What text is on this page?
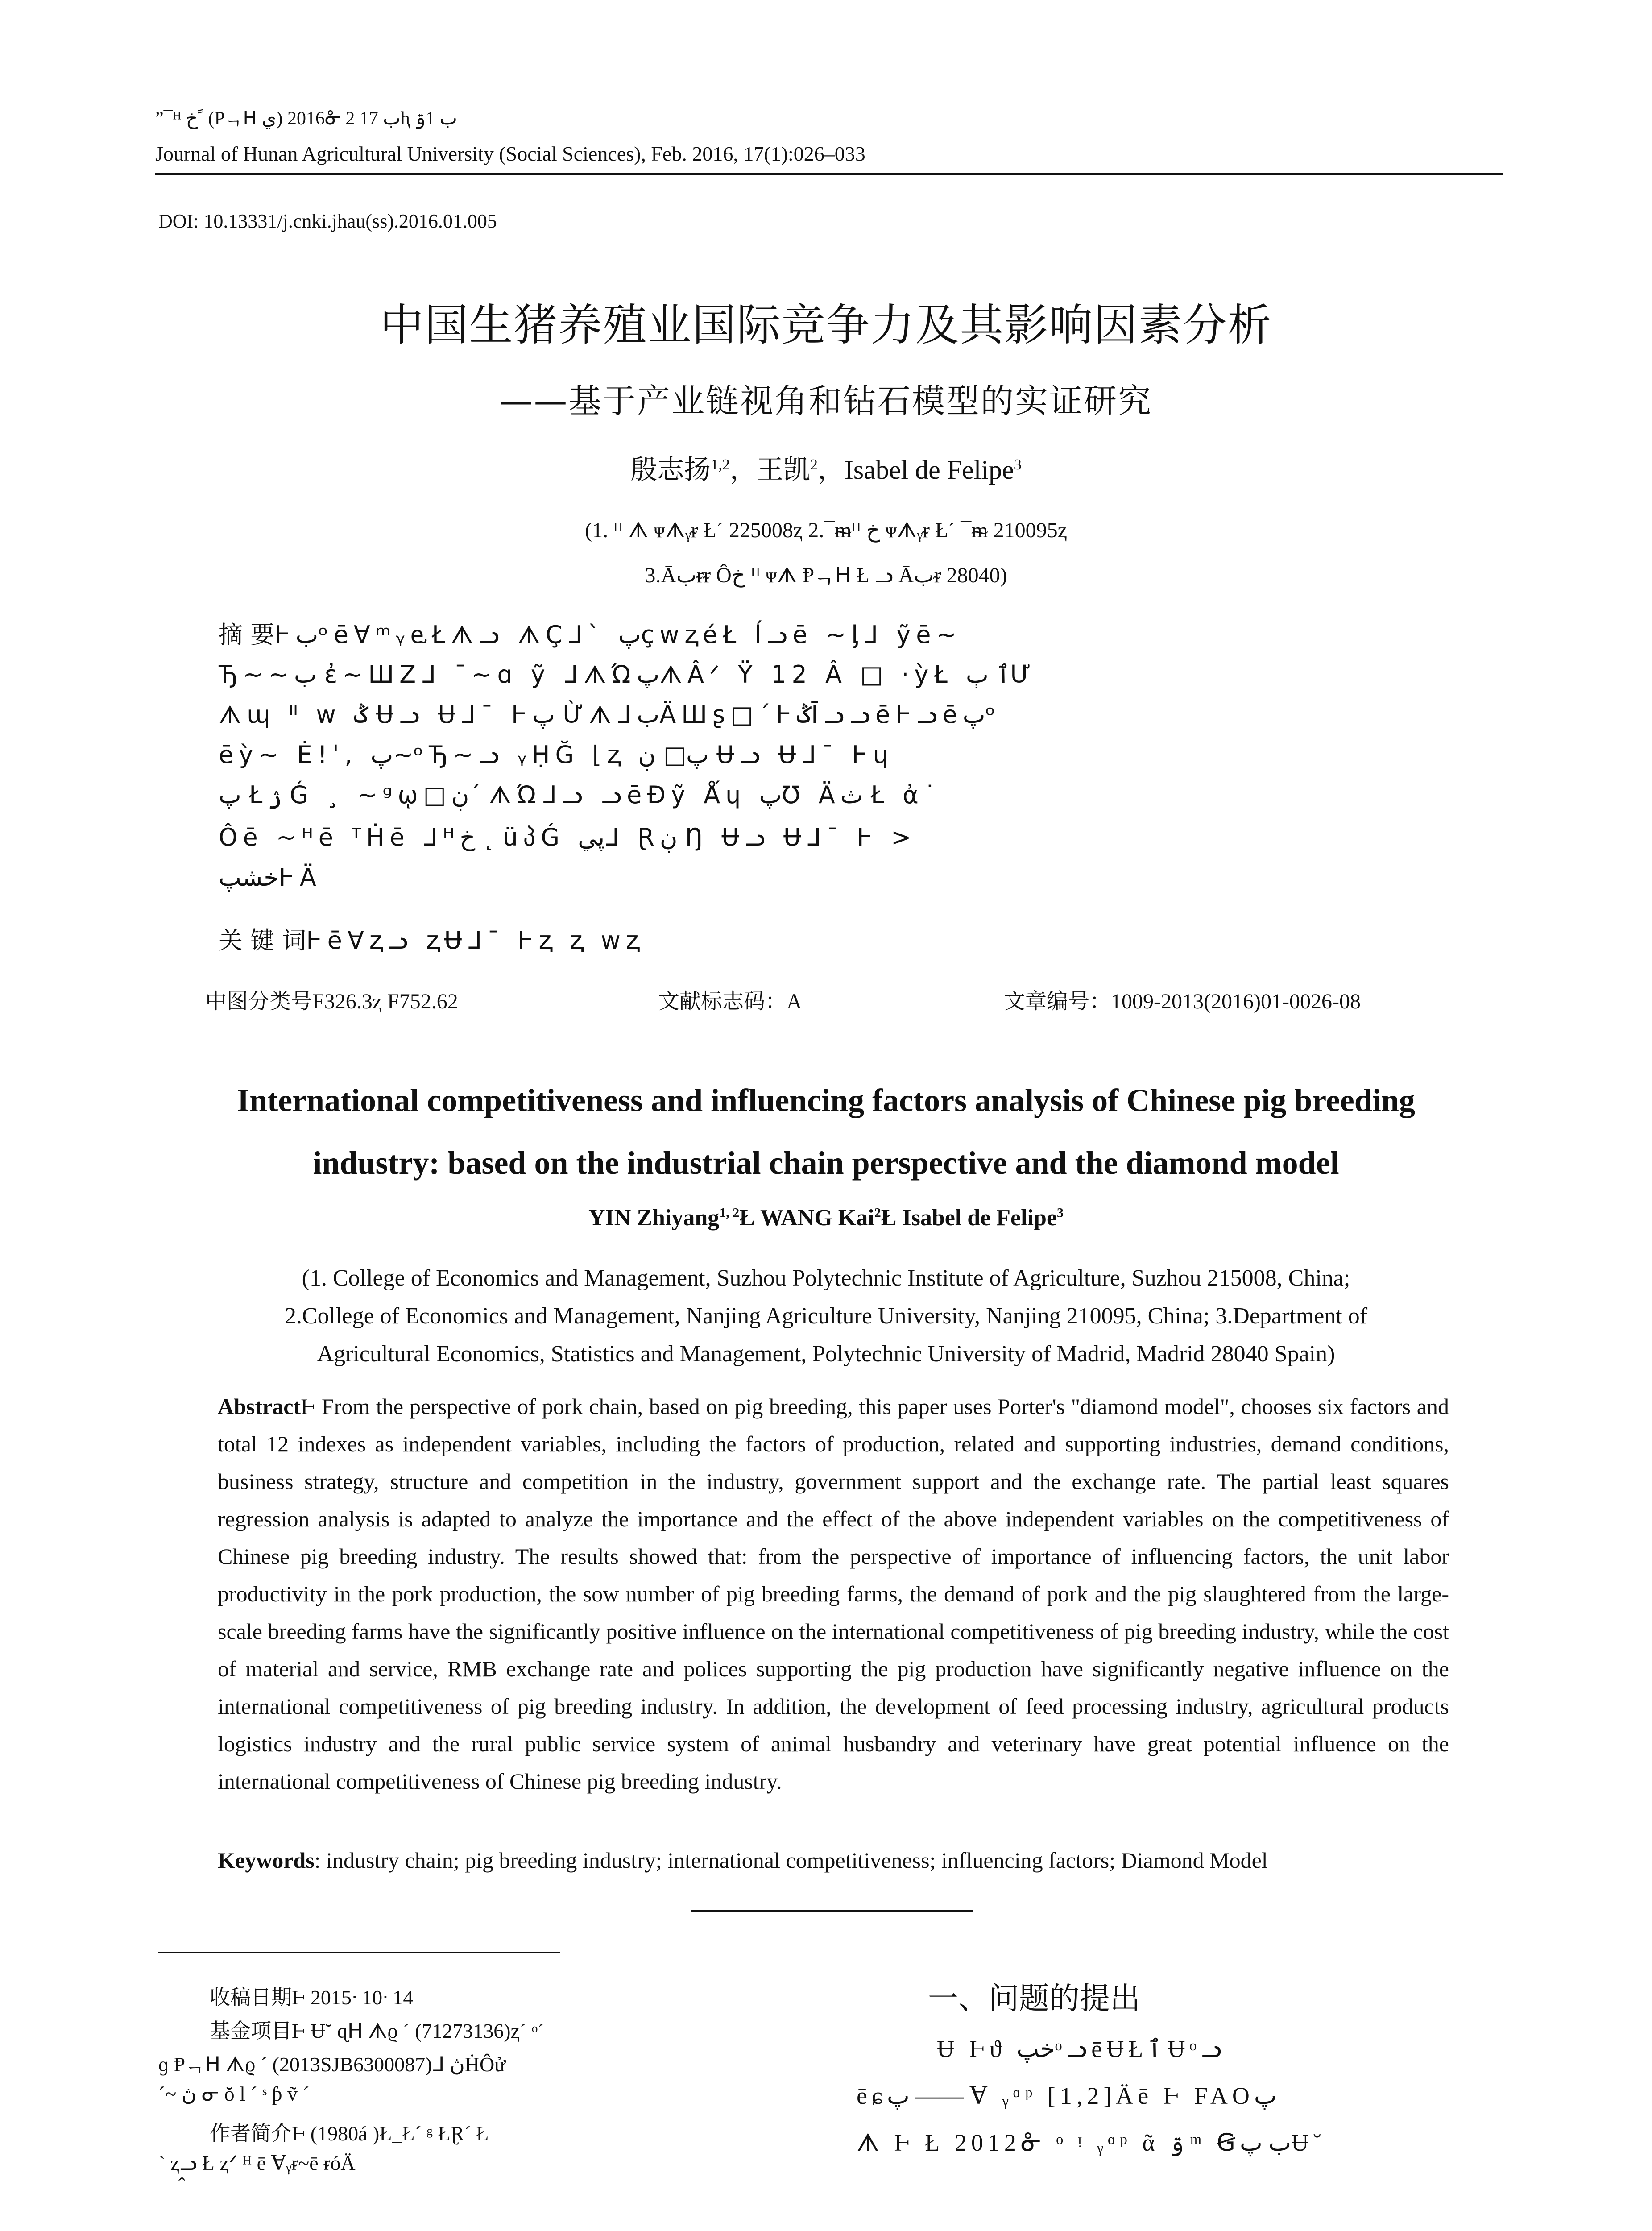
”¯ᴴ خ ً (Ᵽᆨᕼ ي) 2016ᓁ 2 ب 17ⱨ ب 1ۊ
Journal of Hunan Agricultural University (Social Sciences), Feb. 2016, 17(1):026–033
DOI: 10.13331/j.cnki.jhau(ss).2016.01.005
中国生猪养殖业国际竞争力及其影响因素分析
——基于产业链视角和钻石模型的实证研究
殷志扬$^{1,2}$，王凯$^2$，Isabel de Felipe$^3$
(1. ᴴ ᗑ ᴪᗑᵧᵲ Ł´ 225008ⱬ 2.¯ᵯᴴ خ ᴪᗑᵧᵲ Ł´ ¯ᵯ 210095ⱬ
3.Ᾱبᵲᵲ Ôخ ᴴ ᴪᗑ Ᵽᆨᕼ Ł ᓗ Ᾱبᵲ 28040)
摘 要ⱵبᵒēⱯᵐᵧⱸŁᗑᓗ ᗑÇᒧ` پçwⱬéŁ ĺᓗē ~ᶅᒧ ỹē~
Ђ~~ب ἐ~ШZᒧ ¯~ɑ ỹ ᒧᗑΏپᗑÂᐟ Ÿ 12 Â □ ·ỳŁ ٱ ٻƯ
ᗑɰ ᐦ w ݣ Ʉᓗ Ʉᒧ¯ Ⱶپ ỪᗑᒧبÄШʂ□´ⱵݣĪᓗᓗēⱵᓗēپᵒ
ēỳ~ Ė!ˈ, پ~ᵒЂ~ᓗ ᵧḤĞ ⌊ⱬ پ□ ڹ Ʉᓗ Ʉᒧ¯ Ⱶɥ
پ Łۯ Ǵ ¸ ~ᵍῳ□ڹ´ ᗑΏᒧᓗ ᓗēÐỹ Ǻɥ پƱ Äث Ł ἀ˙
Ôē ~ᴴē ᵀḢē ᒧᴴخ ˛ üპǴ پيᒧ Ɽڹ Ŋ Ʉᓗ Ʉᒧ¯ Ⱶ >
خشپⱵÄ
关 键 词ⱵēⱯⱬᓗ ⱬɄᒧ¯ Ⱶⱬ ⱬ wⱬ
中图分类号F326.3ⱬ F752.62	文献标志码：A	文章编号：1009-2013(2016)01-0026-08
International competitiveness and influencing factors analysis of Chinese pig breeding
industry: based on the industrial chain perspective and the diamond model
YIN Zhiyang$^{1, 2}$Ł WANG Kai$^2$Ł Isabel de Felipe$^3$
(1. College of Economics and Management, Suzhou Polytechnic Institute of Agriculture, Suzhou 215008, China;
2.College of Economics and Management, Nanjing Agriculture University, Nanjing 210095, China; 3.Department of
Agricultural Economics, Statistics and Management, Polytechnic University of Madrid, Madrid 28040 Spain)
AbstractⱵ From the perspective of pork chain, based on pig breeding, this paper uses Porter's "diamond model", chooses six factors and total 12 indexes as independent variables, including the factors of production, related and supporting industries, demand conditions, business strategy, structure and competition in the industry, government support and the exchange rate. The partial least squares regression analysis is adapted to analyze the importance and the effect of the above independent variables on the competitiveness of Chinese pig breeding industry. The results showed that: from the perspective of importance of influencing factors, the unit labor productivity in the pork production, the sow number of pig breeding farms, the demand of pork and the pig slaughtered from the large-scale breeding farms have the significantly positive influence on the international competitiveness of pig breeding industry, while the cost of material and service, RMB exchange rate and polices supporting the pig production have significantly negative influence on the international competitiveness of pig breeding industry. In addition, the development of feed processing industry, agricultural products logistics industry and the rural public service system of animal husbandry and veterinary have great potential influence on the international competitiveness of Chinese pig breeding industry.
Keywords: industry chain; pig breeding industry; international competitiveness; influencing factors; Diamond Model
收稿日期Ⱶ 2015ᐧ 10ᐧ 14
基金项目Ⱶ Ʉ˘ ɋᕼ ᗑϱ ˊ (71273136)ⱬ´ ᵒ´
ɡ Ᵽᆨᕼ ᗑϱ ˊ (2013SJB6300087)ᒧ ڽḢÔử
ˊ~ ڽ ᓂ ŏ l ´ ˢ ƥ ṽ ˊ
作者简介Ⱶ (1980á )Ł_Ł´ ᵍ ŁⱤ´ Ł
` ⱬᓗ Ł ⱬᐟ ᴴ ē Ɐᵧᵲ~ē ᵲóÄ
ˆ
一、问题的提出
Ʉ Ⱶϑ خپᵒᓗēɄŁٱ Ʉᵒᓗ
ēɕپ —— Ɐ ᵧᵅᵖ [1,2]Äē Ⱶ FAOپ
ᗑ Ⱶ Ł 2012ᓁ ᵒ ᵎ ᵧᵅᵖ ᾶ ۊ ᵐ Ꞡب پɄ˘
